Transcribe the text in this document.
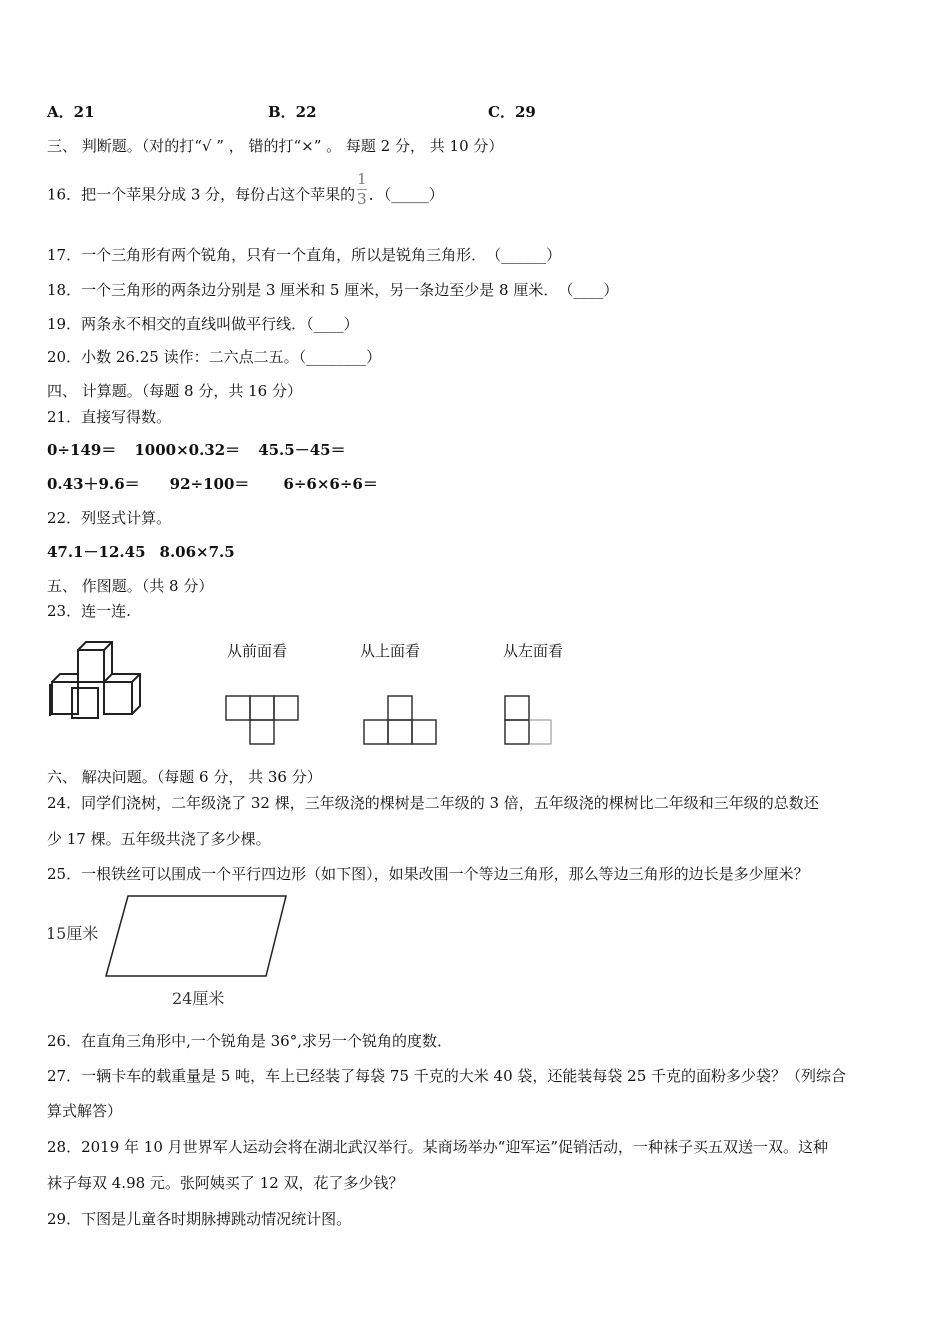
A．21	B．22	C．29
三、 判断题。（对的打“√ ” ， 错的打“×” 。 每题 2 分， 共 10 分）
16．把一个苹果分成 3 分，每份占这个苹果的 $\frac{1}{3}$ ．（_____）
17．一个三角形有两个锐角，只有一个直角，所以是锐角三角形．　（______）
18．一个三角形的两条边分别是 3 厘米和 5 厘米，另一条边至少是 8 厘米．　（____）
19．两条永不相交的直线叫做平行线．（____）
20．小数 26.25 读作：二六点二五。（________）
四、 计算题。（每题 8 分，共 16 分）
21．直接写得数。
0÷149＝ 1000×0.32＝ 45.5－45＝
0.43＋9.6＝ 92÷100＝ 6÷6×6÷6＝
22．列竖式计算。
47.1－12.45 8.06×7.5
五、 作图题。（共 8 分）
23．连一连.
从前面看	从上面看	从左面看
六、 解决问题。（每题 6 分， 共 36 分）
24．同学们浇树，二年级浇了 32 棵，三年级浇的棵树是二年级的 3 倍，五年级浇的棵树比二年级和三年级的总数还
少 17 棵。五年级共浇了多少棵。
25．一根铁丝可以围成一个平行四边形（如下图），如果改围一个等边三角形，那么等边三角形的边长是多少厘米？
15厘米
24厘米
26．在直角三角形中,一个锐角是 36°,求另一个锐角的度数．
27．一辆卡车的载重量是 5 吨，车上已经装了每袋 75 千克的大米 40 袋，还能装每袋 25 千克的面粉多少袋？（列综合
算式解答）
28．2019 年 10 月世界军人运动会将在湖北武汉举行。某商场举办“迎军运”促销活动，一种袜子买五双送一双。这种
袜子每双 4.98 元。张阿姨买了 12 双，花了多少钱？
29．下图是儿童各时期脉搏跳动情况统计图。
